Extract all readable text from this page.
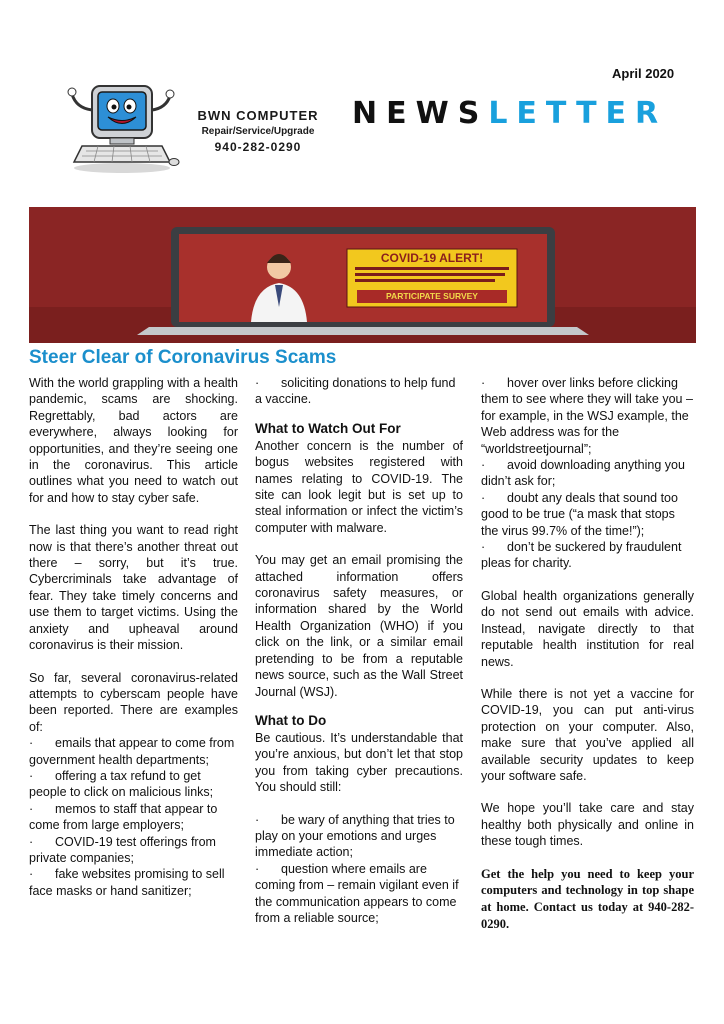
April 2020
BWN COMPUTER
Repair/Service/Upgrade
940-282-0290
NEWSLETTER
COVID-19 ALERT!
PARTICIPATE SURVEY
Steer Clear of Coronavirus Scams

With the world grappling with a health pandemic, scams are shocking. Regrettably, bad actors are everywhere, always looking for opportunities, and they’re seeing one in the coronavirus. This article outlines what you need to watch out for and how to stay cyber safe.

The last thing you want to read right now is that there’s another threat out there – sorry, but it’s true. Cybercriminals take advantage of fear. They take timely concerns and use them to target victims. Using the anxiety and upheaval around coronavirus is their mission.

So far, several coronavirus-related attempts to cyberscam people have been reported. There are examples of:

· emails that appear to come from government health departments;
· offering a tax refund to get people to click on malicious links;
· memos to staff that appear to come from large employers;
· COVID-19 test offerings from private companies;
· fake websites promising to sell face masks or hand sanitizer;
· soliciting donations to help fund a vaccine.
What to Watch Out For

Another concern is the number of bogus websites registered with names relating to COVID-19. The site can look legit but is set up to steal information or infect the victim’s computer with malware.

You may get an email promising the attached information offers coronavirus safety measures, or information shared by the World Health Organization (WHO) if you click on the link, or a similar email pretending to be from a reputable news source, such as the Wall Street Journal (WSJ).

What to Do

Be cautious. It’s understandable that you’re anxious, but don’t let that stop you from taking cyber precautions. You should still:

· be wary of anything that tries to play on your emotions and urges immediate action;
· question where emails are coming from – remain vigilant even if the communication appears to come from a reliable source;
· hover over links before clicking them to see where they will take you – for example, in the WSJ example, the Web address was for the “worldstreetjournal”;
· avoid downloading anything you didn’t ask for;
· doubt any deals that sound too good to be true (“a mask that stops the virus 99.7% of the time!”);
· don’t be suckered by fraudulent pleas for charity.

Global health organizations generally do not send out emails with advice. Instead, navigate directly to that reputable health institution for real news.

While there is not yet a vaccine for COVID-19, you can put anti-virus protection on your computer. Also, make sure that you’ve applied all available security updates to keep your software safe.

We hope you’ll take care and stay healthy both physically and online in these tough times.

Get the help you need to keep your computers and technology in top shape at home. Contact us today at 940-282-0290.
